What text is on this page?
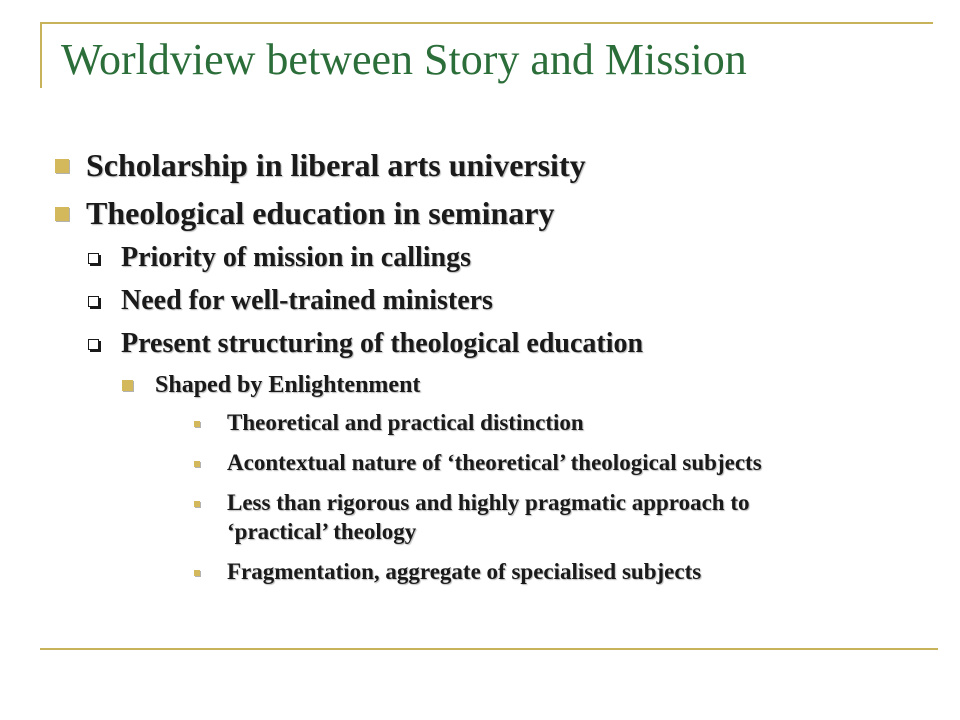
Worldview between Story and Mission
Scholarship in liberal arts university
Theological education in seminary
Priority of mission in callings
Need for well-trained ministers
Present structuring of theological education
Shaped by Enlightenment
Theoretical and practical distinction
Acontextual nature of ‘theoretical’ theological subjects
Less than rigorous and highly pragmatic approach to
‘practical’ theology
Fragmentation, aggregate of specialised subjects
